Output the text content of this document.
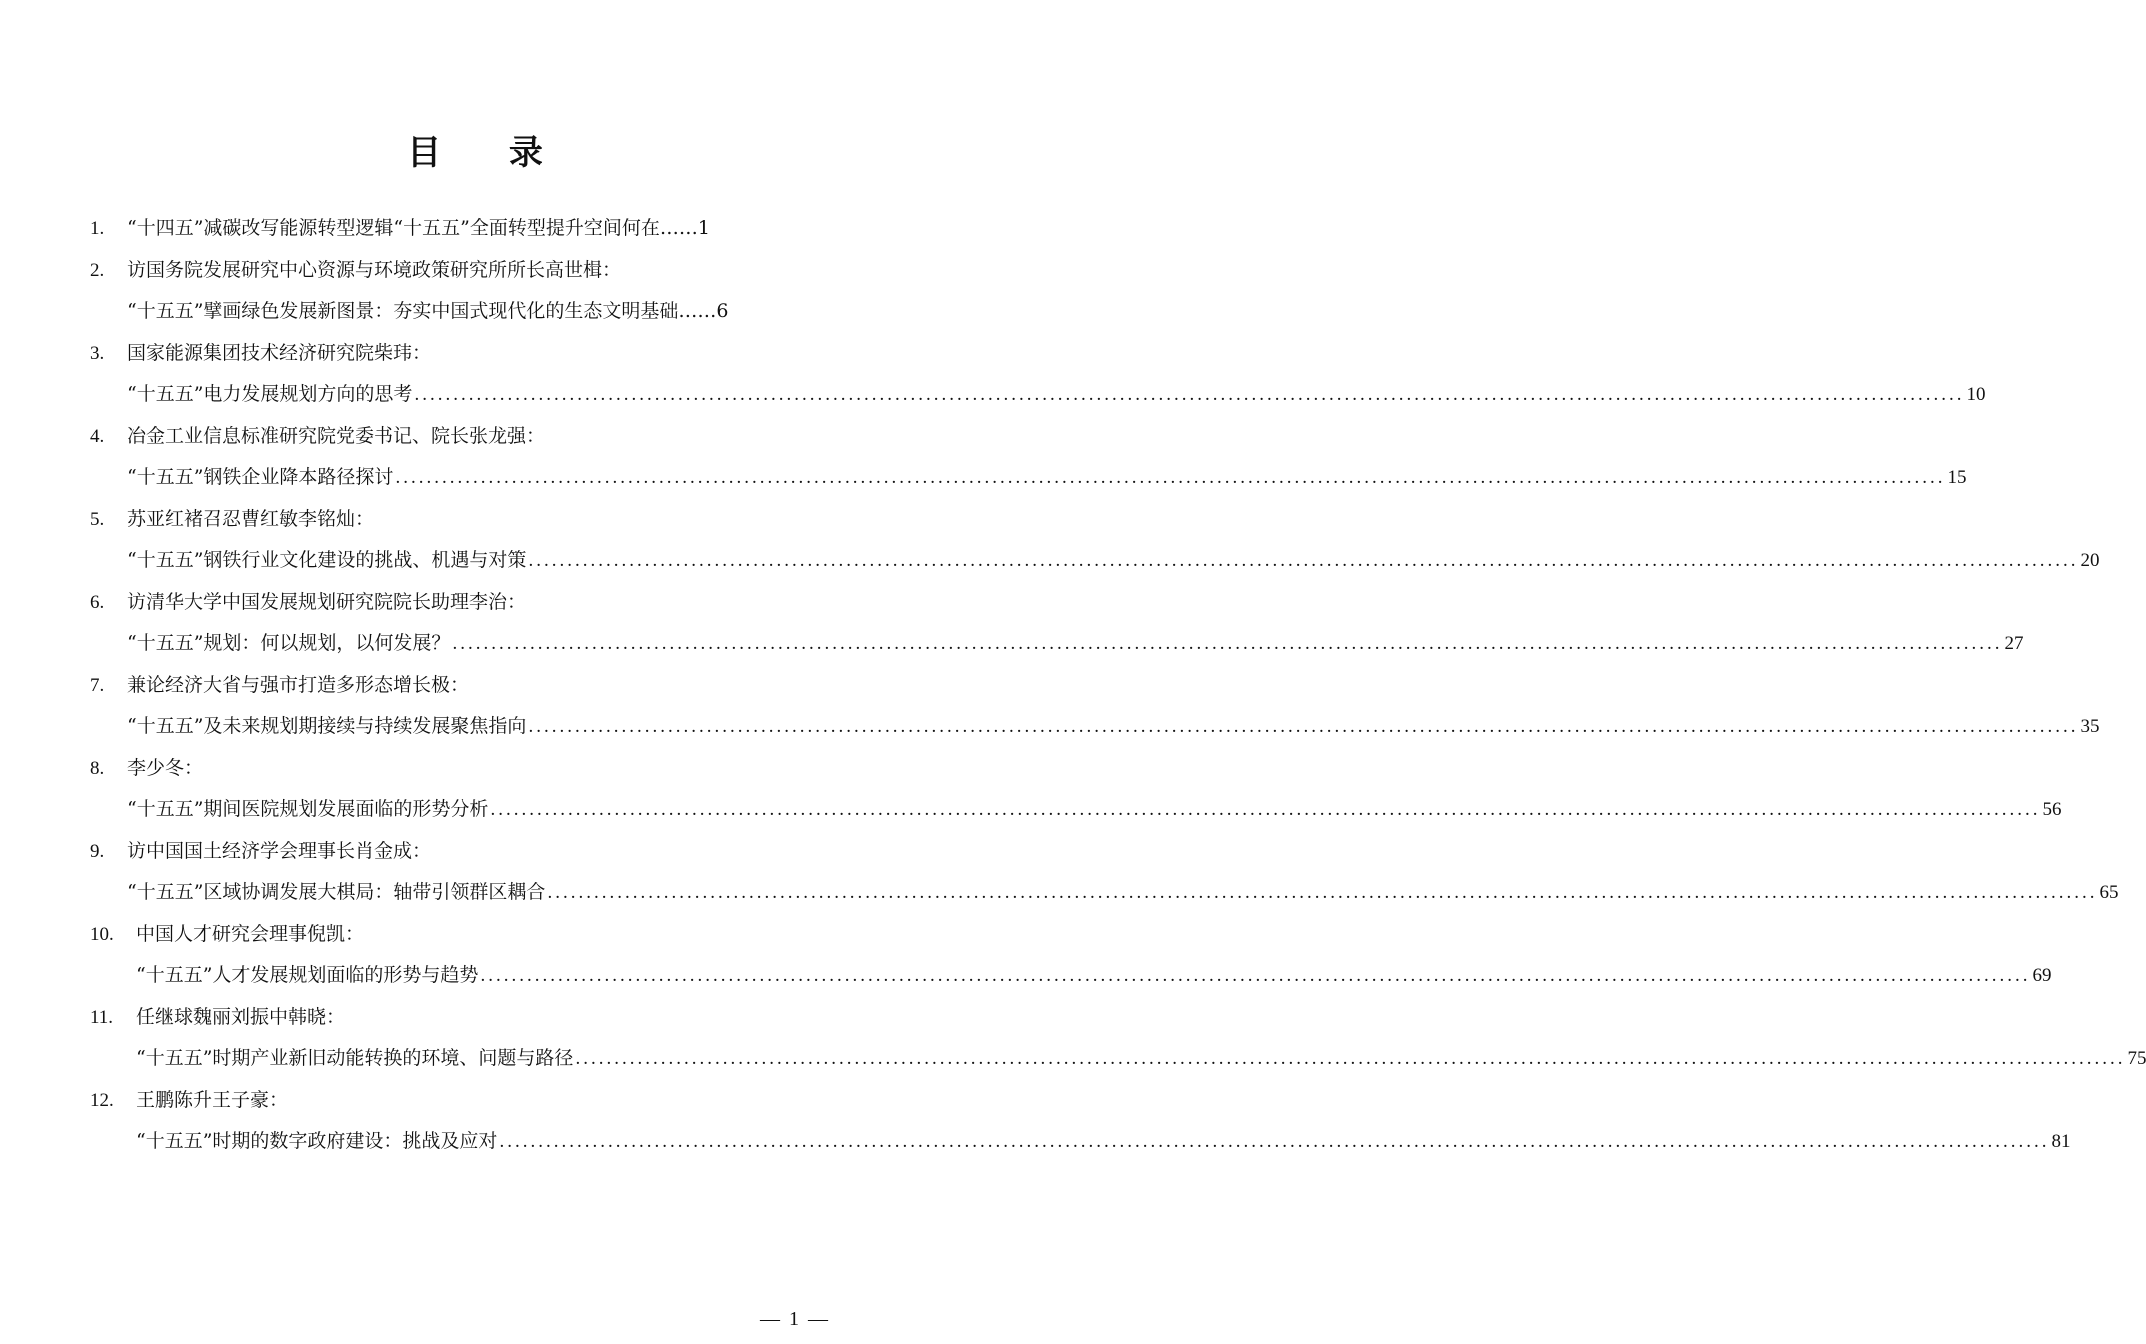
目 录
1.	“十四五”减碳改写能源转型逻辑“十五五”全面转型提升空间何在……1
2.	访国务院发展研究中心资源与环境政策研究所所长高世楫：
“十五五”擘画绿色发展新图景：夯实中国式现代化的生态文明基础……6
3.	国家能源集团技术经济研究院柴玮：
“十五五”电力发展规划方向的思考 ........................................................................................................................................................................................................ 10
4.	冶金工业信息标准研究院党委书记、院长张龙强：
“十五五”钢铁企业降本路径探讨 ........................................................................................................................................................................................................ 15
5.	苏亚红褚召忍曹红敏李铭灿：
“十五五”钢铁行业文化建设的挑战、机遇与对策 ........................................................................................................................................................................................................ 20
6.	访清华大学中国发展规划研究院院长助理李治：
“十五五”规划：何以规划，以何发展？ ........................................................................................................................................................................................................ 27
7.	兼论经济大省与强市打造多形态增长极：
“十五五”及未来规划期接续与持续发展聚焦指向 ........................................................................................................................................................................................................ 35
8.	李少冬：
“十五五”期间医院规划发展面临的形势分析 ........................................................................................................................................................................................................ 56
9.	访中国国土经济学会理事长肖金成：
“十五五”区域协调发展大棋局：轴带引领群区耦合 ........................................................................................................................................................................................................ 65
10.	中国人才研究会理事倪凯：
“十五五”人才发展规划面临的形势与趋势 ........................................................................................................................................................................................................ 69
11.	任继球魏丽刘振中韩晓：
“十五五”时期产业新旧动能转换的环境、问题与路径 ........................................................................................................................................................................................................ 75
12.	王鹏陈升王子豪：
“十五五”时期的数字政府建设：挑战及应对 ........................................................................................................................................................................................................ 81
— 1 —
